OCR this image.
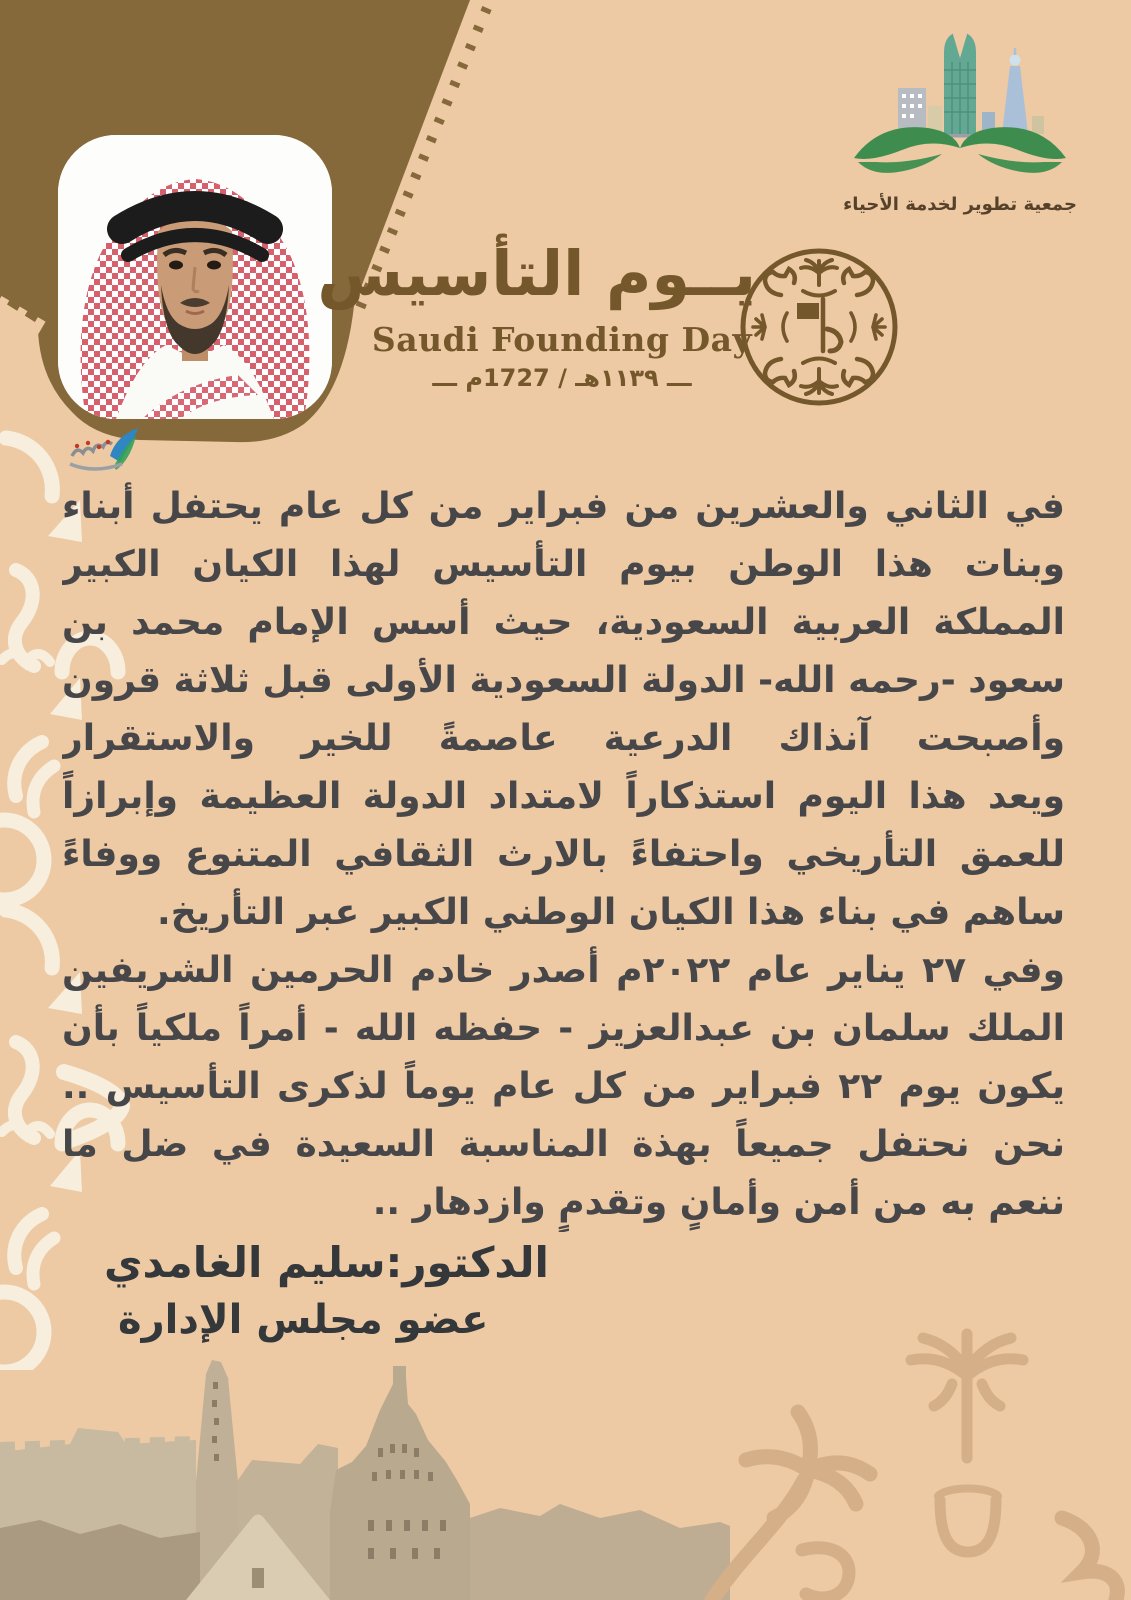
جمعية تطوير لخدمة الأحياء
يــوم التأسيس
Saudi Founding Day
ـــ ١١٣٩هـ / 1727م ـــ
في الثاني والعشرين من فبراير من كل عام يحتفل أبناء
وبنات هذا الوطن بيوم التأسيس لهذا الكيان الكبير
المملكة العربية السعودية، حيث أسس الإمام محمد بن
سعود -رحمه الله- الدولة السعودية الأولى قبل ثلاثة قرون
وأصبحت آنذاك الدرعية عاصمةً للخير والاستقرار
ويعد هذا اليوم استذكاراً لامتداد الدولة العظيمة وإبرازاً
للعمق التأريخي واحتفاءً بالارث الثقافي المتنوع ووفاءً
ساهم في بناء هذا الكيان الوطني الكبير عبر التأريخ.
وفي ٢٧ يناير عام ٢٠٢٢م أصدر خادم الحرمين الشريفين
الملك سلمان بن عبدالعزيز - حفظه الله - أمراً ملكياً بأن
يكون يوم ٢٢ فبراير من كل عام يوماً لذكرى التأسيس ..
نحن نحتفل جميعاً بهذة المناسبة السعيدة في ضل ما
ننعم به من أمن وأمانٍ وتقدمٍ وازدهار ..
الدكتور:سليم الغامدي
عضو مجلس الإدارة
